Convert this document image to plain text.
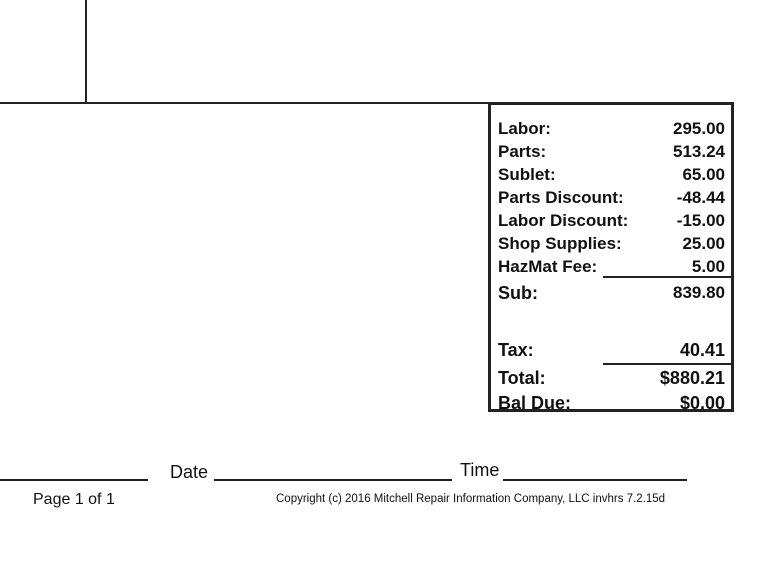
Labor:	295.00
Parts:	513.24
Sublet:	65.00
Parts Discount:	-48.44
Labor Discount:	-15.00
Shop Supplies:	25.00
HazMat Fee:	5.00
Sub:	839.80
Tax:	40.41
Total:	$880.21
Bal Due:	$0.00
Date	Time
Page 1 of 1	Copyright (c) 2016 Mitchell Repair Information Company, LLC invhrs 7.2.15d
